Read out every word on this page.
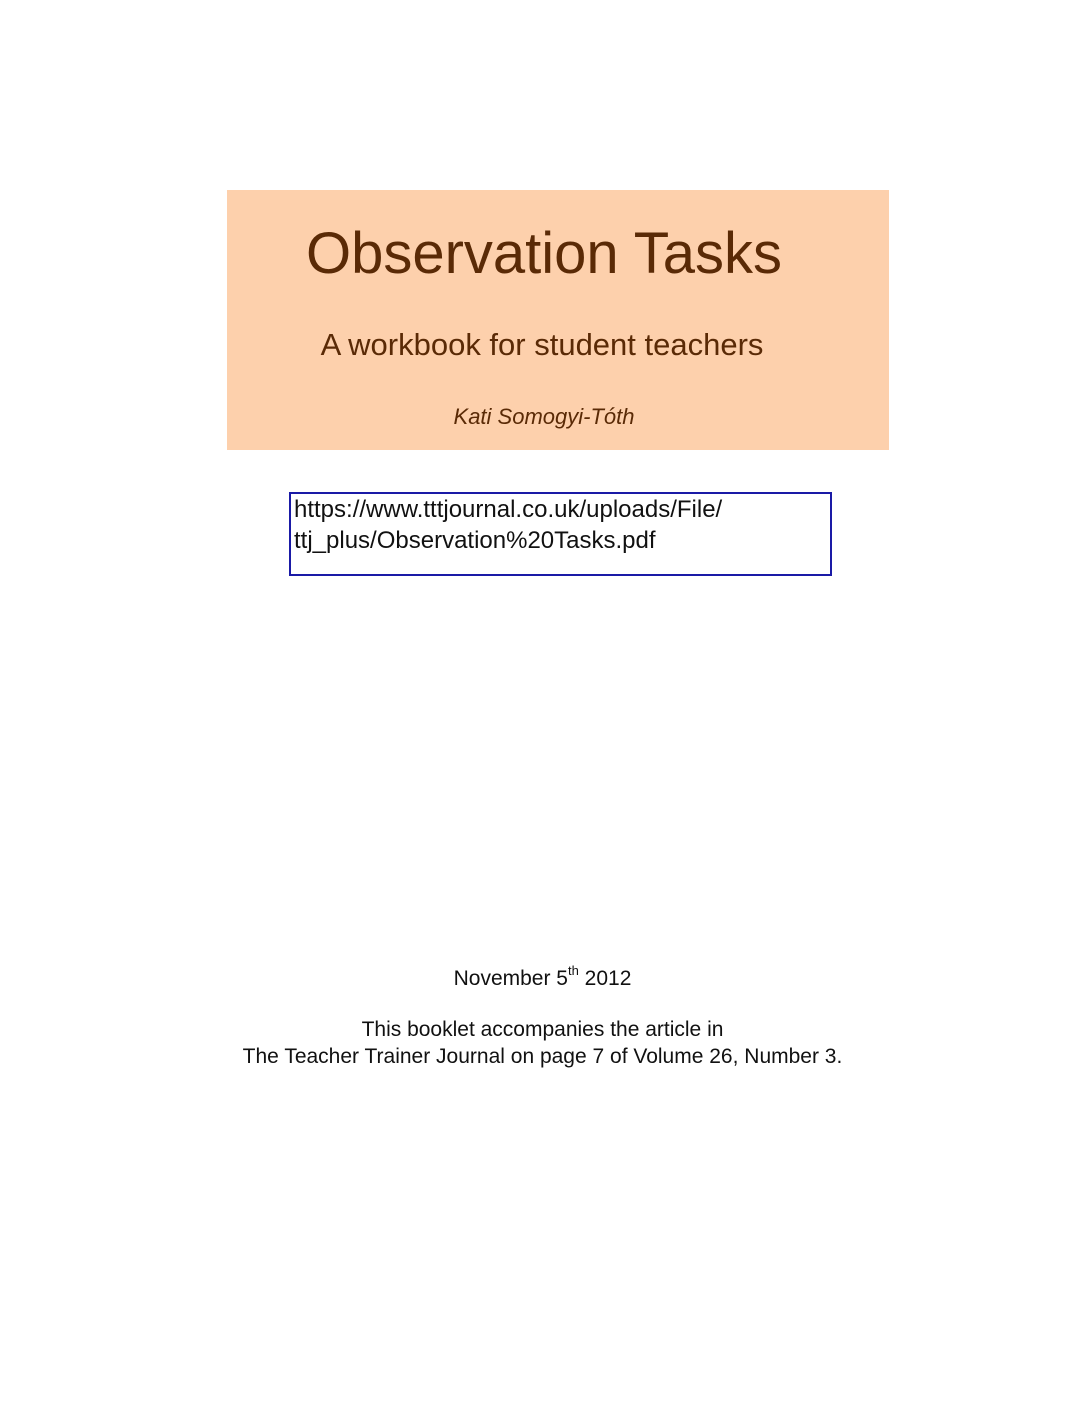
Observation Tasks
A workbook for student teachers
Kati Somogyi-Tóth
https://www.tttjournal.co.uk/uploads/File/
ttj_plus/Observation%20Tasks.pdf
November 5th 2012
This booklet accompanies the article in
The Teacher Trainer Journal on page 7 of Volume 26, Number 3.
